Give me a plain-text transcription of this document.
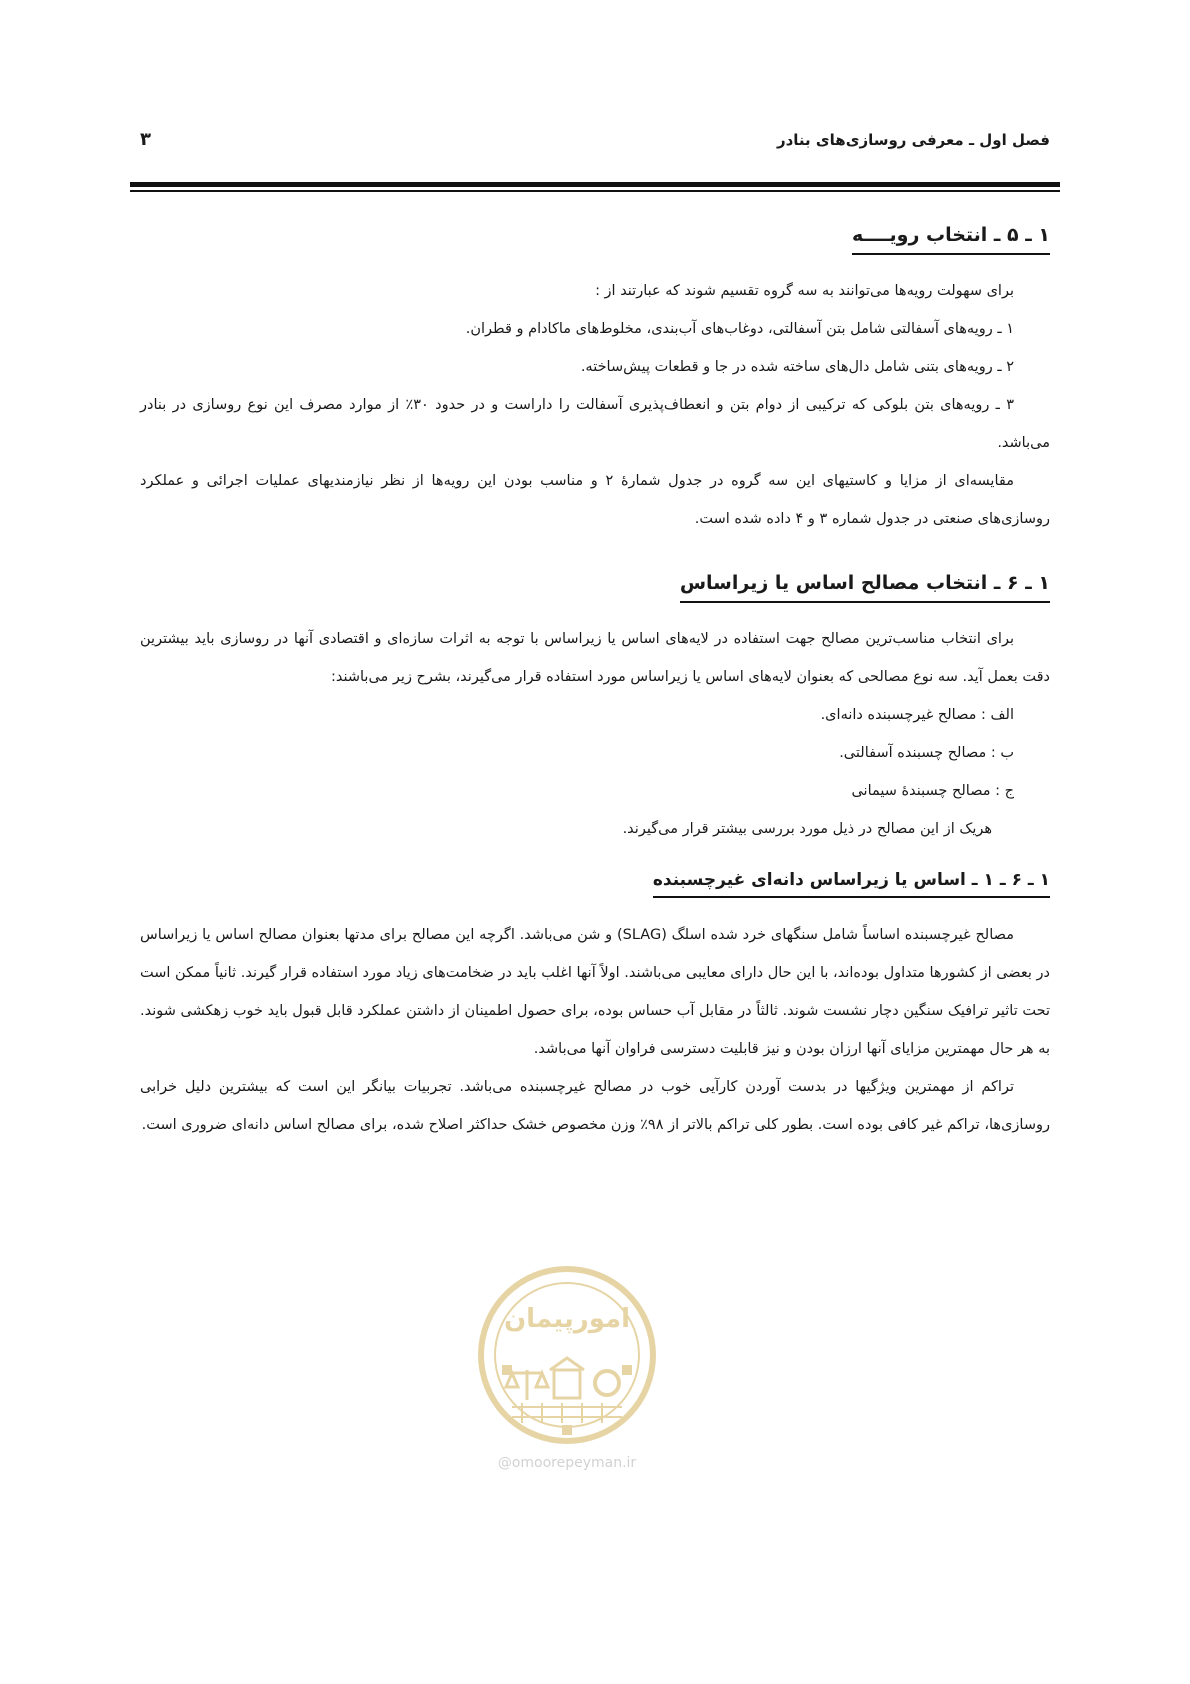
فصل اول ـ معرفی روسازی‌های بنادر
۳
۱ ـ ۵ ـ انتخاب رویــــه

برای سهولت رویه‌ها می‌توانند به سه گروه تقسیم شوند که عبارتند از :

۱ ـ رویه‌های آسفالتی شامل بتن آسفالتی، دوغاب‌های آب‌بندی، مخلوط‌های ماکادام و قطران.

۲ ـ رویه‌های بتنی شامل دال‌های ساخته شده در جا و قطعات پیش‌ساخته.

۳ ـ رویه‌های بتن بلوکی که ترکیبی از دوام بتن و انعطاف‌پذیری آسفالت را داراست و در حدود ۳۰٪ از موارد مصرف این نوع روسازی در بنادر می‌باشد.

مقایسه‌ای از مزایا و کاستیهای این سه گروه در جدول شمارهٔ ۲ و مناسب بودن این رویه‌ها از نظر نیازمندیهای عملیات اجرائی و عملکرد روسازی‌های صنعتی در جدول شماره ۳ و ۴ داده شده است.

۱ ـ ۶ ـ انتخاب مصالح اساس یا زیراساس

برای انتخاب مناسب‌ترین مصالح جهت استفاده در لایه‌های اساس یا زیراساس با توجه به اثرات سازه‌ای و اقتصادی آنها در روسازی باید بیشترین دقت بعمل آید. سه نوع مصالحی که بعنوان لایه‌های اساس یا زیراساس مورد استفاده قرار می‌گیرند، بشرح زیر می‌باشند:

الف : مصالح غیرچسبنده دانه‌ای.

ب : مصالح چسبنده آسفالتی.

ج : مصالح چسبندهٔ سیمانی

هریک از این مصالح در ذیل مورد بررسی بیشتر قرار می‌گیرند.

۱ ـ ۶ ـ ۱ ـ اساس یا زیراساس دانه‌ای غیرچسبنده

مصالح غیرچسبنده اساساً شامل سنگهای خرد شده اسلگ (SLAG) و شن می‌باشد. اگرچه این مصالح برای مدتها بعنوان مصالح اساس یا زیراساس در بعضی از کشورها متداول بوده‌اند، با این حال دارای معایبی می‌باشند. اولاً آنها اغلب باید در ضخامت‌های زیاد مورد استفاده قرار گیرند. ثانیاً ممکن است تحت تاثیر ترافیک سنگین دچار نشست شوند. ثالثاً در مقابل آب حساس بوده، برای حصول اطمینان از داشتن عملکرد قابل قبول باید خوب زهکشی شوند. به هر حال مهمترین مزایای آنها ارزان بودن و نیز قابلیت دسترسی فراوان آنها می‌باشد.

تراکم از مهمترین ویژگیها در بدست آوردن کارآیی خوب در مصالح غیرچسبنده می‌باشد. تجربیات بیانگر این است که بیشترین دلیل خرابی روسازی‌ها، تراکم غیر کافی بوده است. بطور کلی تراکم بالاتر از ۹۸٪ وزن مخصوص خشک حداکثر اصلاح شده، برای مصالح اساس دانه‌ای ضروری است.

امورپیمان
@omoorepeyman.ir
